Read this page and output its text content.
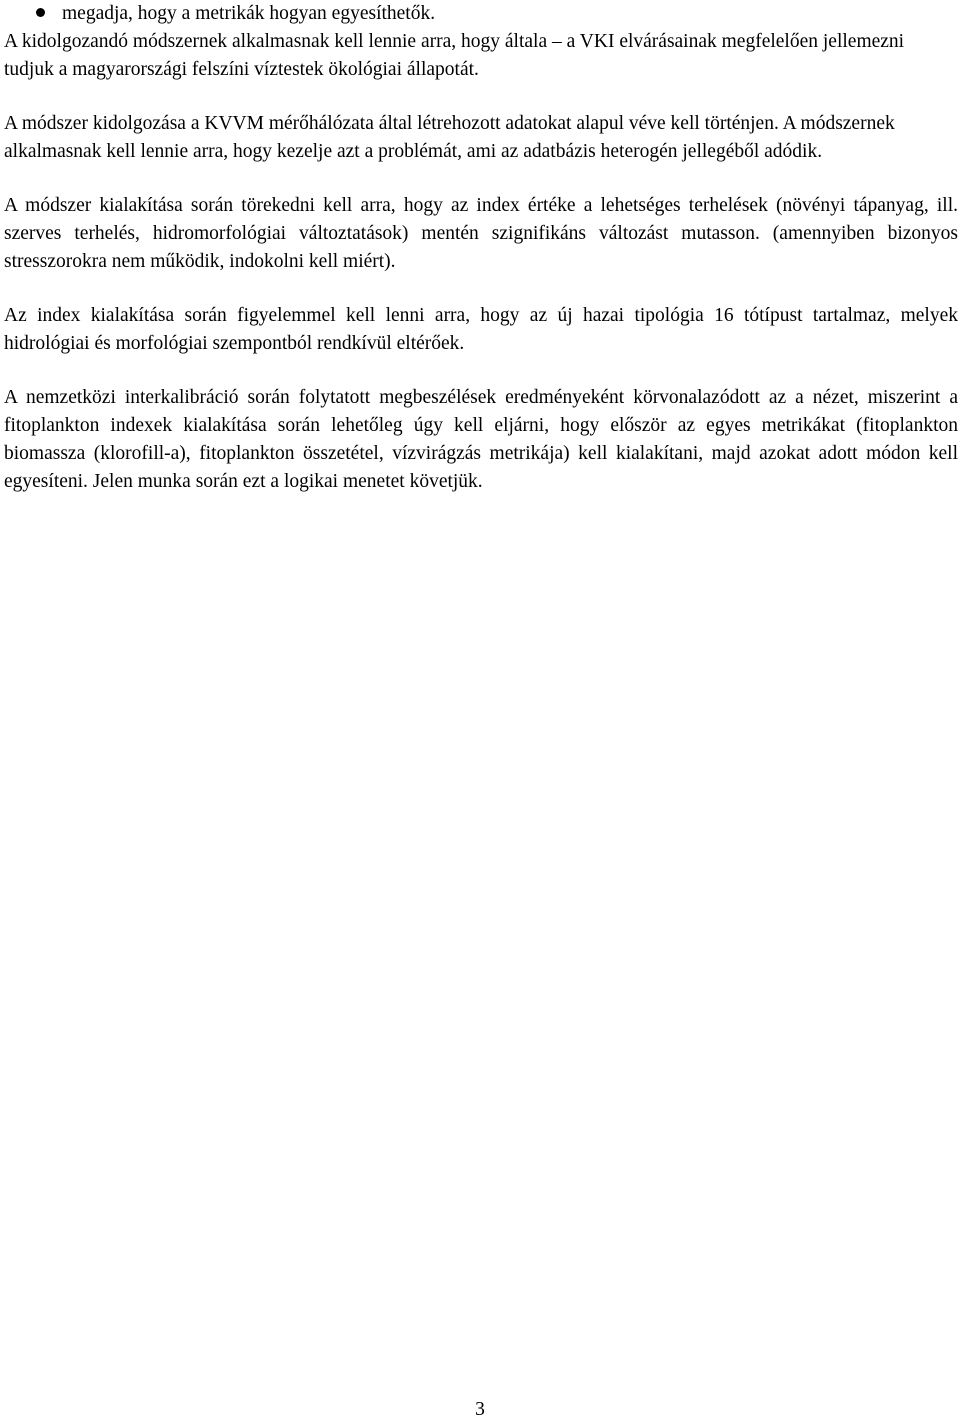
megadja, hogy a metrikák hogyan egyesíthetők.

A kidolgozandó módszernek alkalmasnak kell lennie arra, hogy általa – a VKI elvárásainak megfelelően jellemezni tudjuk a magyarországi felszíni víztestek ökológiai állapotát.

A módszer kidolgozása a KVVM mérőhálózata által létrehozott adatokat alapul véve kell történjen. A módszernek alkalmasnak kell lennie arra, hogy kezelje azt a problémát, ami az adatbázis heterogén jellegéből adódik.

A módszer kialakítása során törekedni kell arra, hogy az index értéke a lehetséges terhelések (növényi tápanyag, ill. szerves terhelés, hidromorfológiai változtatások) mentén szignifikáns változást mutasson. (amennyiben bizonyos stresszorokra nem működik, indokolni kell miért).

Az index kialakítása során figyelemmel kell lenni arra, hogy az új hazai tipológia 16 tótípust tartalmaz, melyek hidrológiai és morfológiai szempontból rendkívül eltérőek.

A nemzetközi interkalibráció során folytatott megbeszélések eredményeként körvonalazódott az a nézet, miszerint a fitoplankton indexek kialakítása során lehetőleg úgy kell eljárni, hogy először az egyes metrikákat (fitoplankton biomassza (klorofill-a), fitoplankton összetétel, vízvirágzás metrikája) kell kialakítani, majd azokat adott módon kell egyesíteni. Jelen munka során ezt a logikai menetet követjük.

3
